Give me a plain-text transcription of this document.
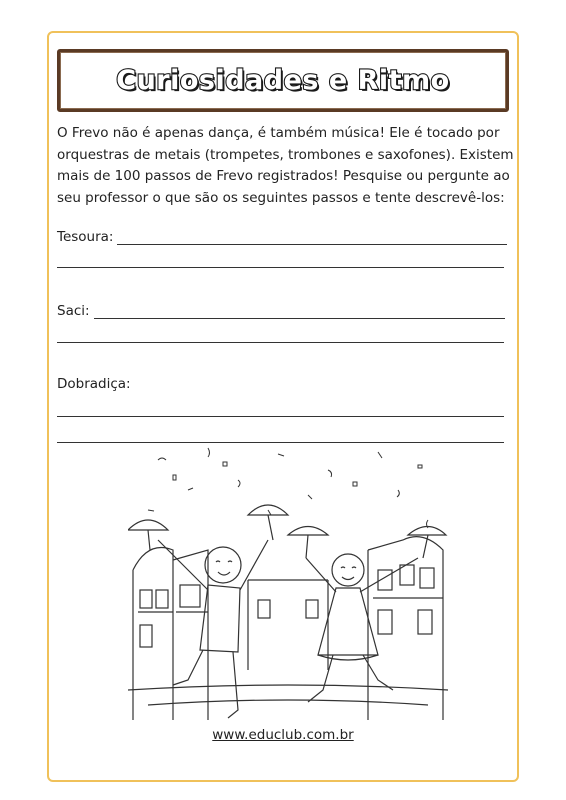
Curiosidades e Ritmo
O Frevo não é apenas dança, é também música! Ele é tocado por orquestras de metais (trompetes, trombones e saxofones). Existem mais de 100 passos de Frevo registrados! Pesquise ou pergunte ao seu professor o que são os seguintes passos e tente descrevê-los:
Tesoura:
Saci:
Dobradiça:
www.educlub.com.br
